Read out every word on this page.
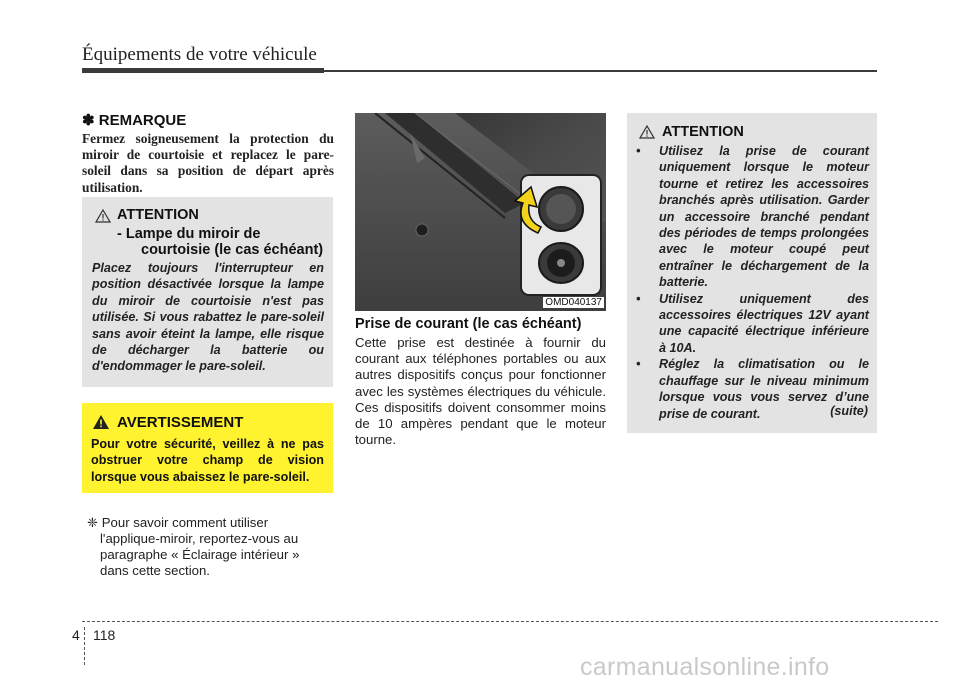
Équipements de votre véhicule
✽ REMARQUE
Fermez soigneusement la protection du miroir de courtoisie et replacez le pare-soleil dans sa position de départ après utilisation.
ATTENTION
- Lampe du miroir de
courtoisie (le cas échéant)
Placez toujours l'interrupteur en position désactivée lorsque la lampe du miroir de courtoisie n'est pas utilisée. Si vous rabattez le pare-soleil sans avoir éteint la lampe, elle risque de décharger la batterie ou d'endommager le pare-soleil.
AVERTISSEMENT
Pour votre sécurité, veillez à ne pas obstruer votre champ de vision lorsque vous abaissez le pare-soleil.
❈ Pour savoir comment utiliser
l'applique-miroir, reportez-vous au
paragraphe « Éclairage intérieur »
dans cette section.
OMD040137
Prise de courant (le cas échéant)
Cette prise est destinée à fournir du courant aux téléphones portables ou aux autres dispositifs conçus pour fonctionner avec les systèmes électriques du véhicule. Ces dispositifs doivent consommer moins de 10 ampères pendant que le moteur tourne.
ATTENTION
• Utilisez la prise de courant uniquement lorsque le moteur tourne et retirez les accessoires branchés après utilisation. Garder un accessoire branché pendant des périodes de temps prolongées avec le moteur coupé peut entraîner le déchargement de la batterie.
• Utilisez uniquement des accessoires électriques 12V ayant une capacité électrique inférieure à 10A.
• Réglez la climatisation ou le chauffage sur le niveau minimum lorsque vous vous servez d’une prise de courant.	(suite)
4 118
carmanualsonline.info
